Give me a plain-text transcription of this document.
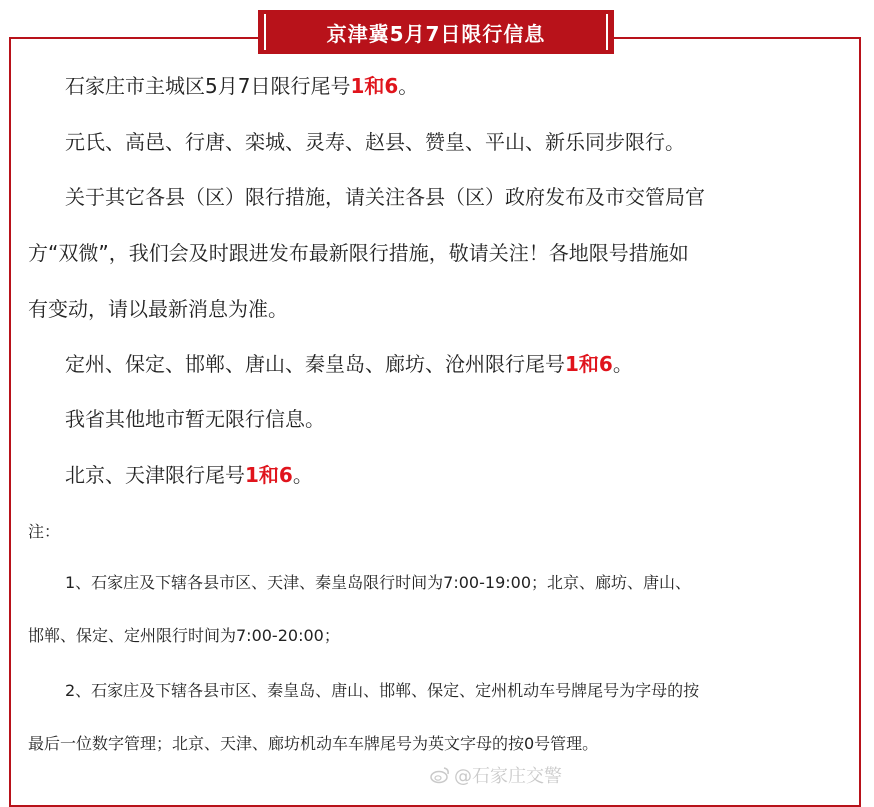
京津冀5月7日限行信息
石家庄市主城区5月7日限行尾号1和6。
元氏、高邑、行唐、栾城、灵寿、赵县、赞皇、平山、新乐同步限行。
关于其它各县（区）限行措施，请关注各县（区）政府发布及市交管局官
方“双微”，我们会及时跟进发布最新限行措施，敬请关注！各地限号措施如
有变动，请以最新消息为准。
定州、保定、邯郸、唐山、秦皇岛、廊坊、沧州限行尾号1和6。
我省其他地市暂无限行信息。
北京、天津限行尾号1和6。
注：
1、石家庄及下辖各县市区、天津、秦皇岛限行时间为7:00-19:00；北京、廊坊、唐山、
邯郸、保定、定州限行时间为7:00-20:00；
2、石家庄及下辖各县市区、秦皇岛、唐山、邯郸、保定、定州机动车号牌尾号为字母的按
最后一位数字管理；北京、天津、廊坊机动车车牌尾号为英文字母的按0号管理。
@石家庄交警
